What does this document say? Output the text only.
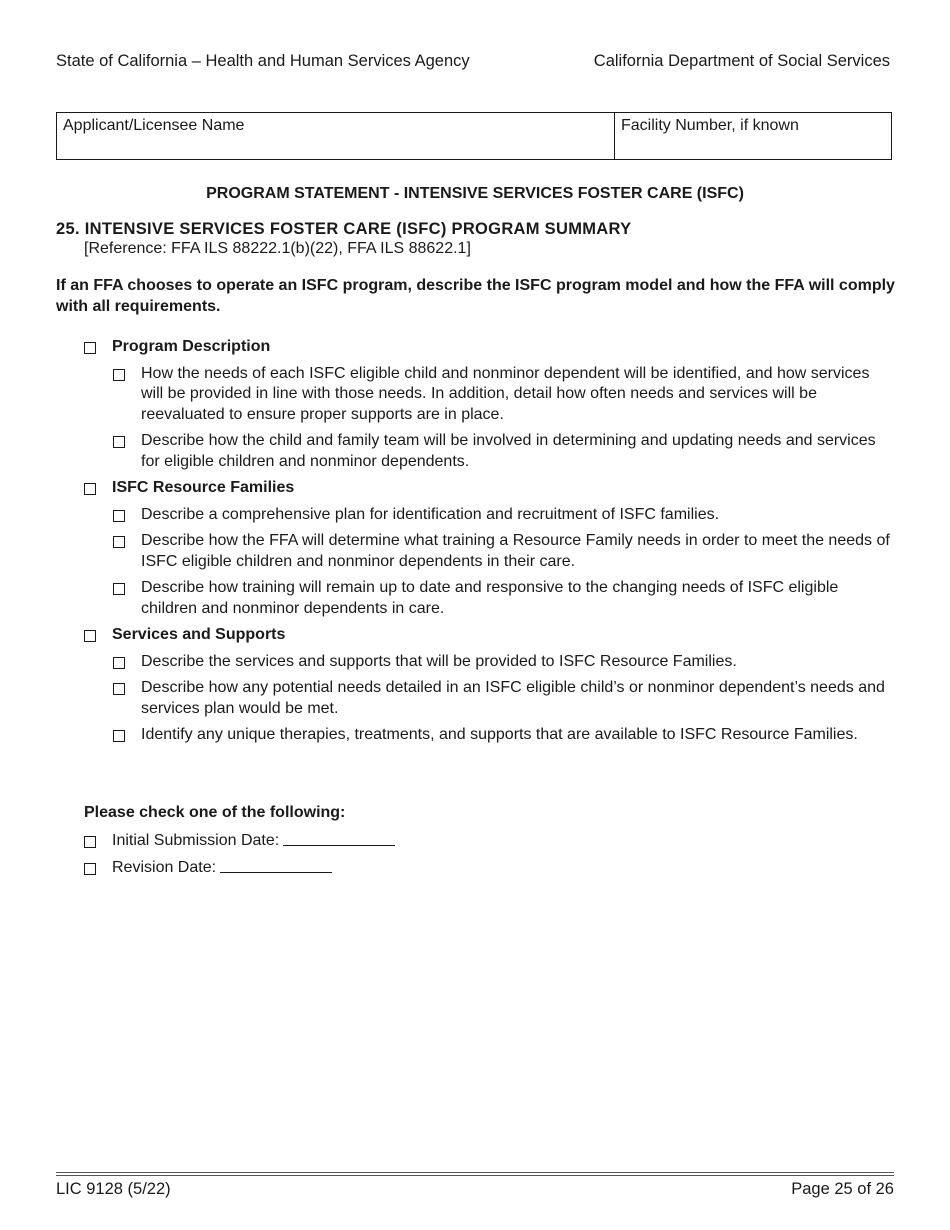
State of California – Health and Human Services Agency	California Department of Social Services
Applicant/Licensee Name	Facility Number, if known
PROGRAM STATEMENT - INTENSIVE SERVICES FOSTER CARE (ISFC)
25. INTENSIVE SERVICES FOSTER CARE (ISFC) PROGRAM SUMMARY
[Reference: FFA ILS 88222.1(b)(22), FFA ILS 88622.1]
If an FFA chooses to operate an ISFC program, describe the ISFC program model and how the FFA will comply with all requirements.
Program Description
How the needs of each ISFC eligible child and nonminor dependent will be identified, and how services will be provided in line with those needs. In addition, detail how often needs and services will be reevaluated to ensure proper supports are in place.
Describe how the child and family team will be involved in determining and updating needs and services for eligible children and nonminor dependents.
ISFC Resource Families
Describe a comprehensive plan for identification and recruitment of ISFC families.
Describe how the FFA will determine what training a Resource Family needs in order to meet the needs of ISFC eligible children and nonminor dependents in their care.
Describe how training will remain up to date and responsive to the changing needs of ISFC eligible children and nonminor dependents in care.
Services and Supports
Describe the services and supports that will be provided to ISFC Resource Families.
Describe how any potential needs detailed in an ISFC eligible child’s or nonminor dependent’s needs and services plan would be met.
Identify any unique therapies, treatments, and supports that are available to ISFC Resource Families.
Please check one of the following:
Initial Submission Date:
Revision Date:
LIC 9128 (5/22)	Page 25 of 26
